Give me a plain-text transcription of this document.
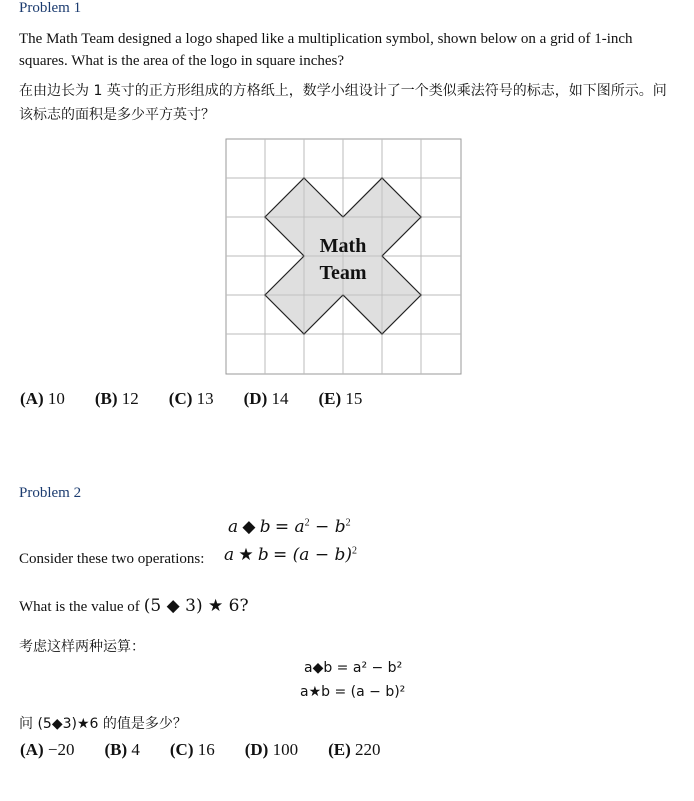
Problem 1
The Math Team designed a logo shaped like a multiplication symbol, shown below on a grid of 1-inch squares. What is the area of the logo in square inches?
在由边长为 1 英寸的正方形组成的方格纸上，数学小组设计了一个类似乘法符号的标志，如下图所示。问该标志的面积是多少平方英寸？
Math
Team
(A) 10 (B) 12 (C) 13 (D) 14 (E) 15
Problem 2
a ◆ $b = a^2 - b^2$
Consider these two operations: a ★ $b = (a - b)^2$
What is the value of (5 ◆ 3) ★ 6?
考虑这样两种运算：
a◆b = a² − b²
a★b = (a − b)²
问 (5◆3)★6 的值是多少？
(A) −20 (B) 4 (C) 16 (D) 100 (E) 220
